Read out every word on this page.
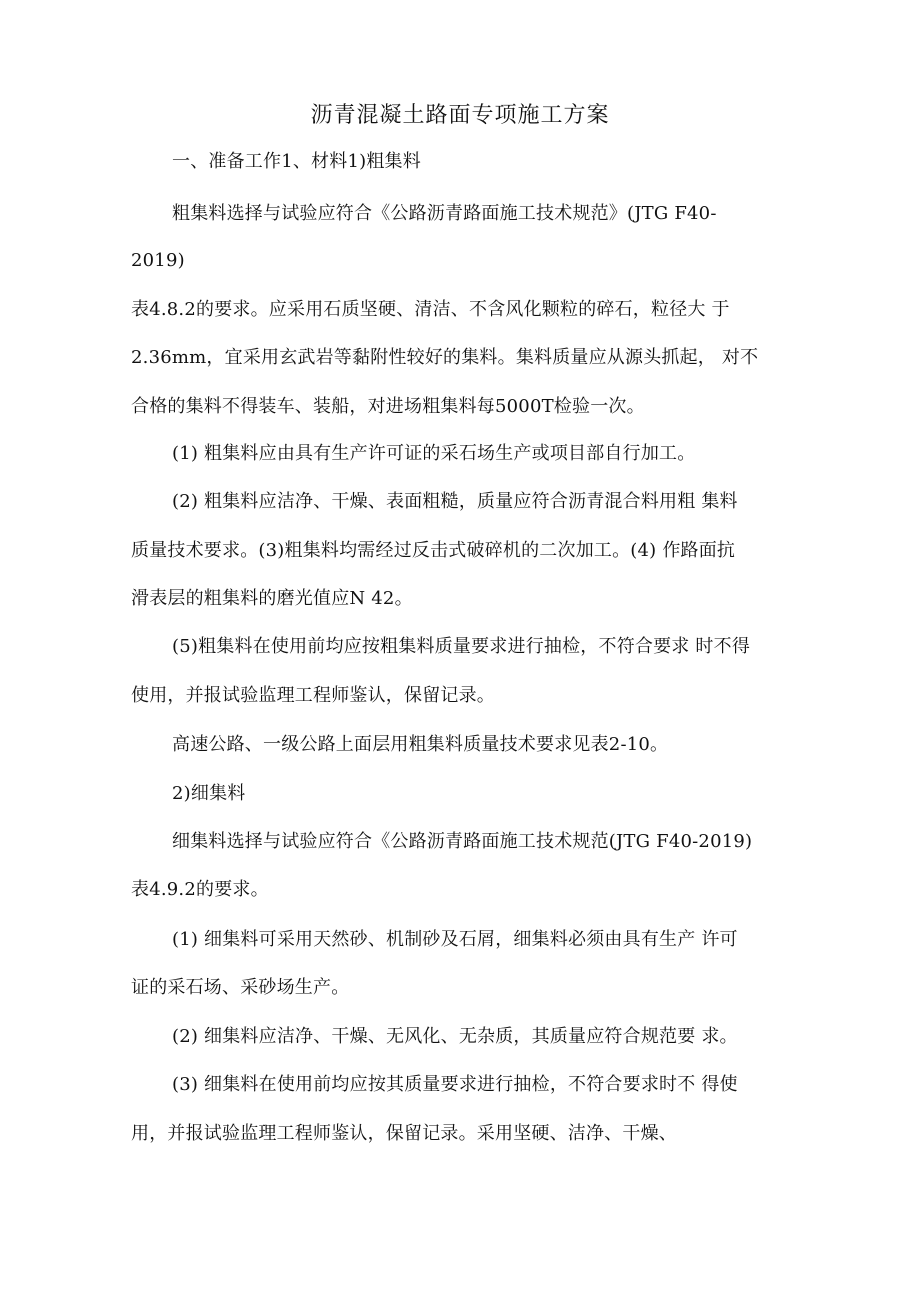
沥青混凝土路面专项施工方案
一、准备工作1、材料1)粗集料
粗集料选择与试验应符合《公路沥青路面施工技术规范》(JTG F40-
2019)
表4.8.2的要求。应采用石质坚硬、清洁、不含风化颗粒的碎石，粒径大 于
2.36mm，宜采用玄武岩等黏附性较好的集料。集料质量应从源头抓起， 对不
合格的集料不得装车、装船，对进场粗集料每5000T检验一次。
(1) 粗集料应由具有生产许可证的采石场生产或项目部自行加工。
(2) 粗集料应洁净、干燥、表面粗糙，质量应符合沥青混合料用粗 集料
质量技术要求。(3)粗集料均需经过反击式破碎机的二次加工。(4) 作路面抗
滑表层的粗集料的磨光值应N 42。
(5)粗集料在使用前均应按粗集料质量要求进行抽检，不符合要求 时不得
使用，并报试验监理工程师鉴认，保留记录。
高速公路、一级公路上面层用粗集料质量技术要求见表2-10。
2)细集料
细集料选择与试验应符合《公路沥青路面施工技术规范(JTG F40-2019)
表4.9.2的要求。
(1) 细集料可采用天然砂、机制砂及石屑，细集料必须由具有生产 许可
证的采石场、采砂场生产。
(2) 细集料应洁净、干燥、无风化、无杂质，其质量应符合规范要 求。
(3) 细集料在使用前均应按其质量要求进行抽检，不符合要求时不 得使
用，并报试验监理工程师鉴认，保留记录。采用坚硬、洁净、干燥、
